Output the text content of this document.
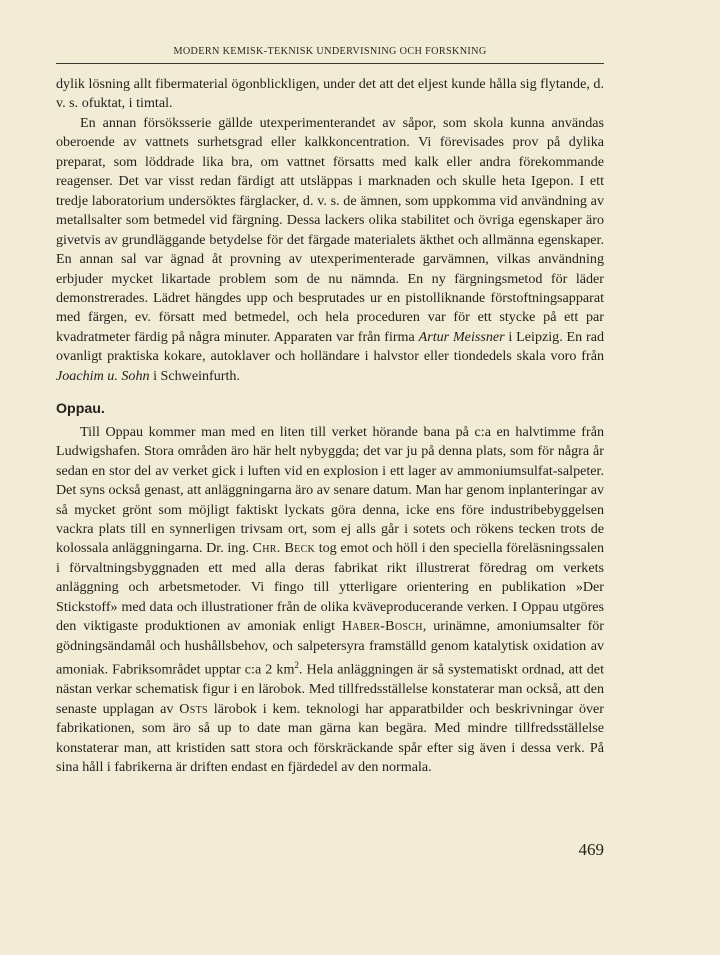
MODERN KEMISK-TEKNISK UNDERVISNING OCH FORSKNING

dylik lösning allt fibermaterial ögonblickligen, under det att det eljest kunde hålla sig flytande, d. v. s. ofuktat, i timtal.

En annan försöksserie gällde utexperimenterandet av såpor, som skola kunna användas oberoende av vattnets surhetsgrad eller kalkkoncentration. Vi förevisades prov på dylika preparat, som löddrade lika bra, om vattnet försatts med kalk eller andra förekommande reagenser. Det var visst redan färdigt att utsläppas i marknaden och skulle heta Igepon. I ett tredje laboratorium undersöktes färglacker, d. v. s. de ämnen, som uppkomma vid användning av metallsalter som betmedel vid färgning. Dessa lackers olika stabilitet och övriga egenskaper äro givetvis av grundläggande betydelse för det färgade materialets äkthet och allmänna egenskaper. En annan sal var ägnad åt provning av utexperimenterade garvämnen, vilkas användning erbjuder mycket likartade problem som de nu nämnda. En ny färgningsmetod för läder demonstrerades. Lädret hängdes upp och besprutades ur en pistolliknande förstoftningsapparat med färgen, ev. försatt med betmedel, och hela proceduren var för ett stycke på ett par kvadratmeter färdig på några minuter. Apparaten var från firma Artur Meissner i Leipzig. En rad ovanligt praktiska kokare, autoklaver och holländare i halvstor eller tiondedels skala voro från Joachim u. Sohn i Schweinfurth.

Oppau.

Till Oppau kommer man med en liten till verket hörande bana på c:a en halvtimme från Ludwigshafen. Stora områden äro här helt nybyggda; det var ju på denna plats, som för några år sedan en stor del av verket gick i luften vid en explosion i ett lager av ammoniumsulfat-salpeter. Det syns också genast, att anläggningarna äro av senare datum. Man har genom inplanteringar av så mycket grönt som möjligt faktiskt lyckats göra denna, icke ens före industribebyggelsen vackra plats till en synnerligen trivsam ort, som ej alls går i sotets och rökens tecken trots de kolossala anläggningarna. Dr. ing. Chr. Beck tog emot och höll i den speciella föreläsningssalen i förvaltningsbyggnaden ett med alla deras fabrikat rikt illustrerat föredrag om verkets anläggning och arbetsmetoder. Vi fingo till ytterligare orientering en publikation »Der Stickstoff» med data och illustrationer från de olika kväveproducerande verken. I Oppau utgöres den viktigaste produktionen av amoniak enligt Haber-Bosch, urinämne, amoniumsalter för gödningsändamål och hushållsbehov, och salpetersyra framställd genom katalytisk oxidation av amoniak. Fabriksområdet upptar c:a 2 $km^2$. Hela anläggningen är så systematiskt ordnad, att det nästan verkar schematisk figur i en lärobok. Med tillfredsställelse konstaterar man också, att den senaste upplagan av Osts lärobok i kem. teknologi har apparatbilder och beskrivningar över fabrikationen, som äro så up to date man gärna kan begära. Med mindre tillfredsställelse konstaterar man, att kristiden satt stora och förskräckande spår efter sig även i dessa verk. På sina håll i fabrikerna är driften endast en fjärdedel av den normala.

469
